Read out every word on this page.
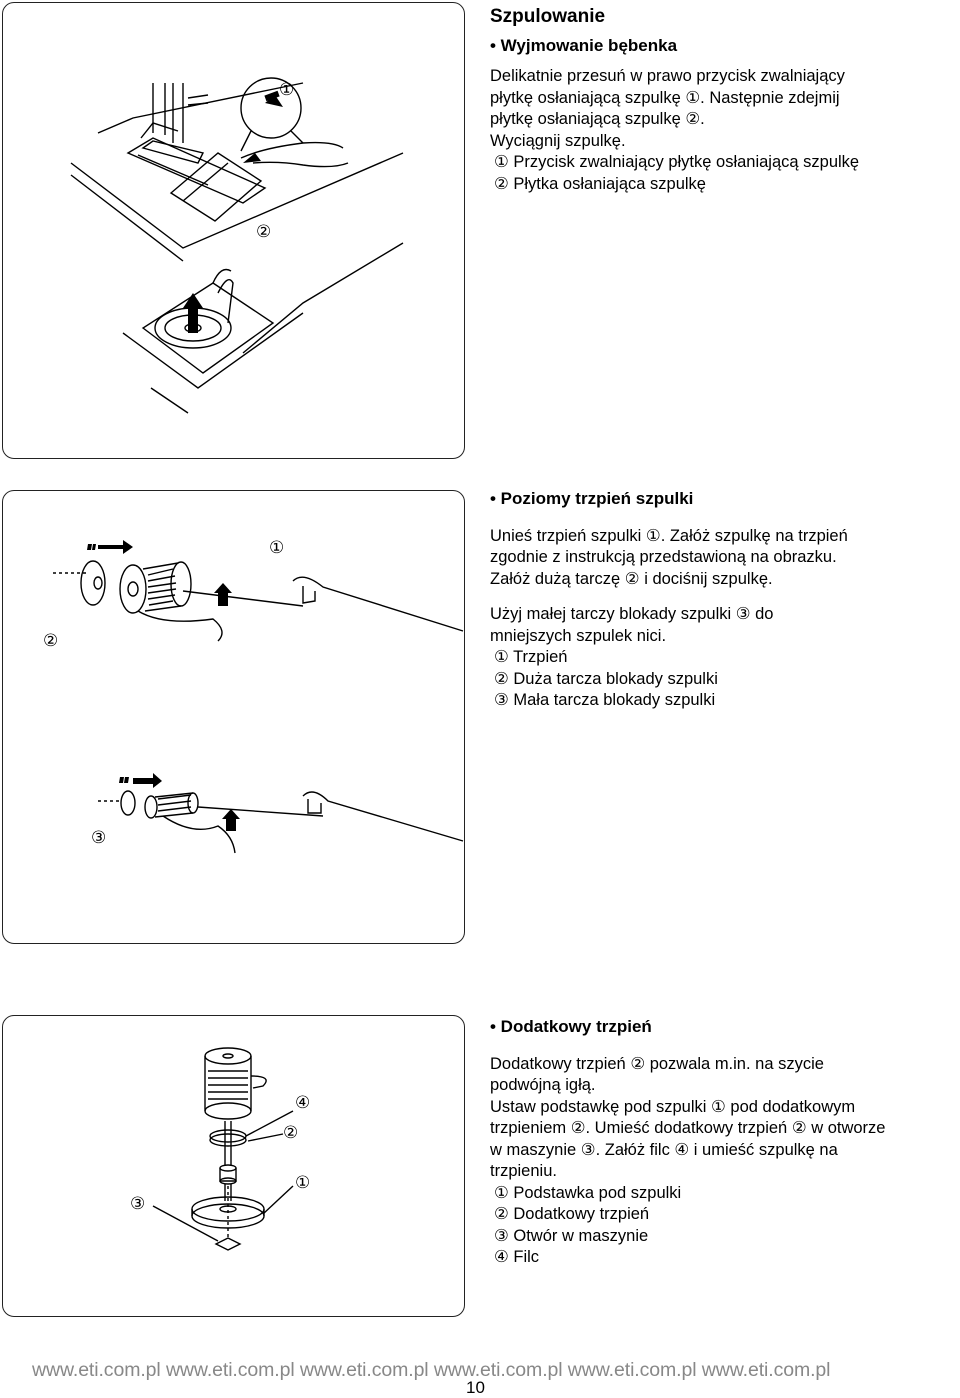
①
②

Szpulowanie

• Wyjmowanie bębenka

Delikatnie przesuń w prawo przycisk zwalniający

płytkę osłaniającą szpulkę ①. Następnie zdejmij

płytkę osłaniającą szpulkę ②.

Wyciągnij szpulkę.

① Przycisk zwalniający płytkę osłaniającą szpulkę

② Płytka osłaniająca szpulkę

①
②
③

• Poziomy trzpień szpulki

Unieś trzpień szpulki ①. Załóż szpulkę na trzpień

zgodnie z instrukcją przedstawioną na obrazku.

Załóż dużą tarczę ② i dociśnij szpulkę.

Użyj małej tarczy blokady szpulki ③ do

mniejszych szpulek nici.

① Trzpień

② Duża tarcza blokady szpulki

③ Mała tarcza blokady szpulki

④
②
①
③

• Dodatkowy trzpień

Dodatkowy trzpień ② pozwala m.in. na szycie

podwójną igłą.

Ustaw podstawkę pod szpulki ① pod dodatkowym

trzpieniem ②. Umieść dodatkowy trzpień ② w otworze

w maszynie ③. Załóż filc ④ i umieść szpulkę na

trzpieniu.

① Podstawka pod szpulki

② Dodatkowy trzpień

③ Otwór w maszynie

④ Filc

www.eti.com.pl www.eti.com.pl www.eti.com.pl www.eti.com.pl www.eti.com.pl www.eti.com.pl
10
